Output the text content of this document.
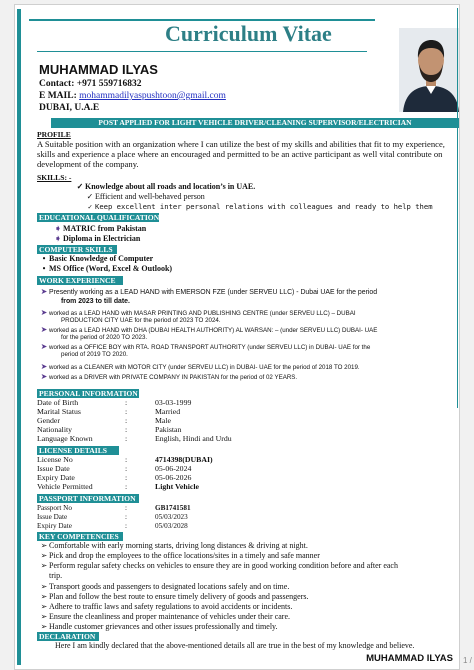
Curriculum Vitae
MUHAMMAD ILYAS
Contact: +971 559716832
E MAIL: mohammadilyaspushtoon@gmail.com
DUBAI, U.A.E
POST APPLIED FOR LIGHT VEHICLE DRIVER/CLEANING SUPERVISOR/ELECTRICIAN
PROFILE
A Suitable position with an organization where I can utilize the best of my skills and abilities that fit to my experience, skills and experience a place where an encouraged and permitted to be an active participant as well vital contribute on development of the company.
SKILLS: -
✓ Knowledge about all roads and location’s in UAE.
✓ Efficient and well-behaved person
✓ Keep excellent inter personal relations with colleagues and ready to help them
EDUCATIONAL QUALIFICATION
➧ MATRIC from Pakistan
➧ Diploma in Electrician
COMPUTER SKILLS
• Basic Knowledge of Computer
• MS Office (Word, Excel & Outlook)
WORK EXPERIENCE
➤ Presently working as a LEAD HAND with EMERSON FZE (under SERVEU LLC) - Dubai UAE for the period
from 2023 to till date.
➤ worked as a LEAD HAND with MASAR PRINTING AND PUBLISHING CENTRE (under SERVEU LLC) – DUBAI
PRODUCTION CITY UAE for the period of 2023 TO 2024.
➤ worked as a LEAD HAND with DHA (DUBAI HEALTH AUTHORITY) AL WARSAN: – (under SERVEU LLC) DUBAI- UAE
for the period of 2020 TO 2023.
➤ worked as a OFFICE BOY with RTA. ROAD TRANSPORT AUTHORITY (under SERVEU LLC) in DUBAI- UAE for the
period of 2019 TO 2020.
➤ worked as a CLEANER with MOTOR CITY (under SERVEU LLC) in DUBAI- UAE for the period of 2018 TO 2019.
➤ worked as a DRIVER with PRIVATE COMPANY IN PAKISTAN for the period of 02 YEARS.
PERSONAL INFORMATION
Date of Birth	:	03-03-1999
Marital Status	:	Married
Gender	:	Male
Nationality	:	Pakistan
Language Known	:	English, Hindi and Urdu
LICENSE DETAILS
License No	:	4714398(DUBAI)
Issue Date	:	05-06-2024
Expiry Date	:	05-06-2026
Vehicle Permitted	:	Light Vehicle
PASSPORT INFORMATION
Passport No	:	GB1741581
Issue Date	:	05/03/2023
Expiry Date	:	05/03/2028
KEY COMPETENCIES
➢ Comfortable with early morning starts, driving long distances & driving at night.
➢ Pick and drop the employees to the office locations/sites in a timely and safe manner
➢ Perform regular safety checks on vehicles to ensure they are in good working condition before and after each
trip.
➢ Transport goods and passengers to designated locations safely and on time.
➢ Plan and follow the best route to ensure timely delivery of goods and passengers.
➢ Adhere to traffic laws and safety regulations to avoid accidents or incidents.
➢ Ensure the cleanliness and proper maintenance of vehicles under their care.
➢ Handle customer grievances and other issues professionally and timely.
DECLARATION
Here I am kindly declared that the above-mentioned details all are true in the best of my knowledge and believe.
MUHAMMAD ILYAS 1 /
